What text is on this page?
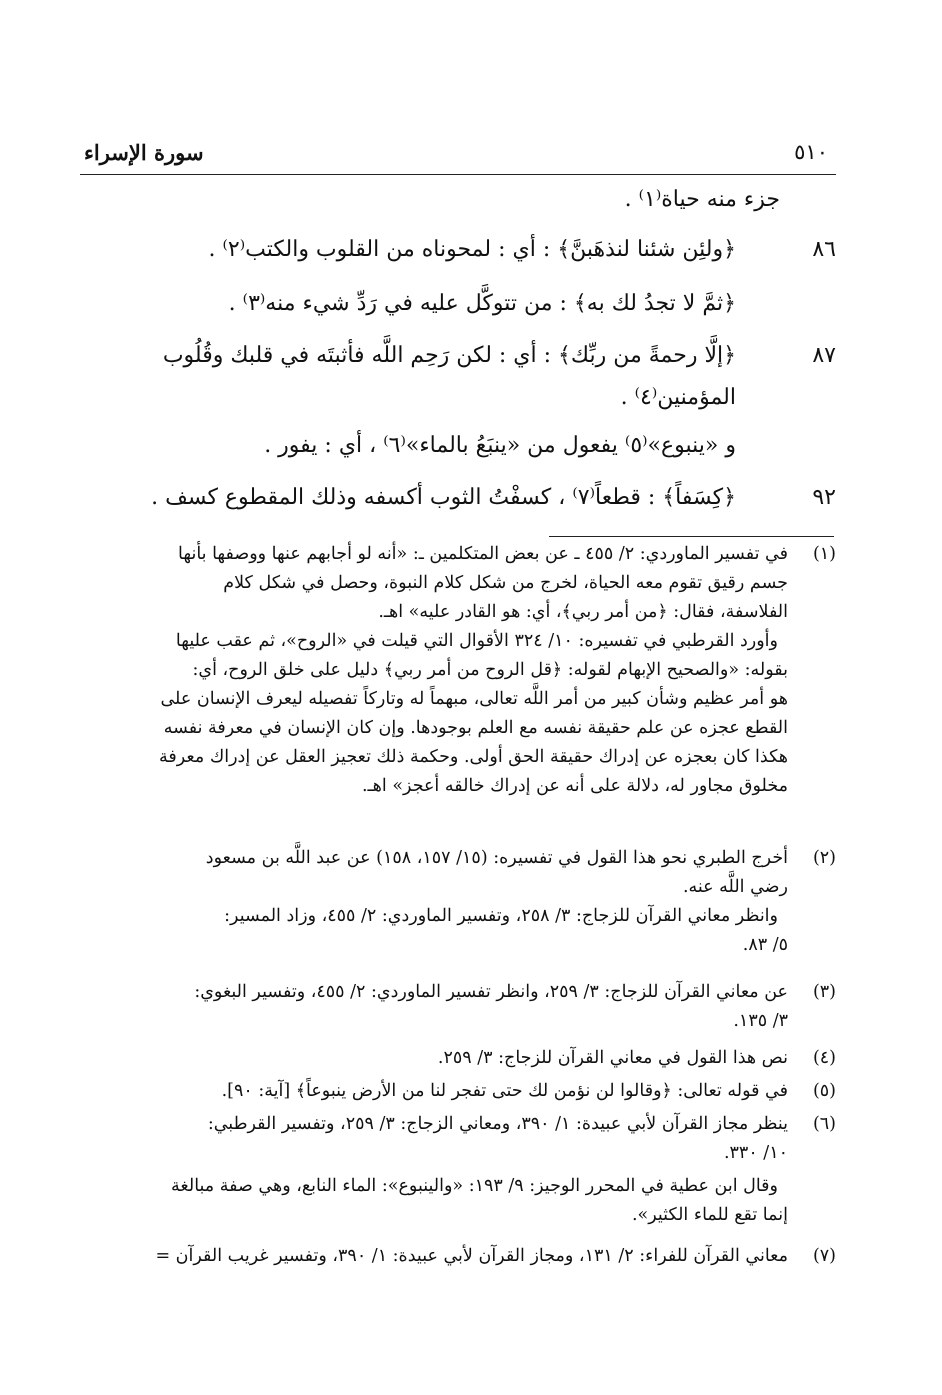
٥١٠
سورة الإسراء
جزء منه حياة⁽١⁾ .
٨٦
﴿ولئِن شئنا لنذهَبنَّ﴾ : أي : لمحوناه من القلوب والكتب⁽٢⁾ .
﴿ثمَّ لا تجدُ لك به﴾ : من تتوكَّل عليه في رَدِّ شيء منه⁽٣⁾ .
٨٧
﴿إلَّا رحمةً من ربِّك﴾ : أي : لكن رَحِم اللَّه فأثبتَه في قلبك وقُلُوب
المؤمنين⁽٤⁾ .
و «ينبوع»⁽٥⁾ يفعول من «ينبَعُ بالماء»⁽٦⁾ ، أي : يفور .
٩٢
﴿كِسَفاً﴾ : قطعاً⁽٧⁾ ، كسفْتُ الثوب أكسفه وذلك المقطوع كسف .
(١)
في تفسير الماوردي: ٢/ ٤٥٥ ـ عن بعض المتكلمين ـ: «أنه لو أجابهم عنها ووصفها بأنها
جسم رقيق تقوم معه الحياة، لخرج من شكل كلام النبوة، وحصل في شكل كلام
الفلاسفة، فقال: ﴿من أمر ربي﴾، أي: هو القادر عليه» اهـ.
وأورد القرطبي في تفسيره: ١٠/ ٣٢٤ الأقوال التي قيلت في «الروح»، ثم عقب عليها
بقوله: «والصحيح الإبهام لقوله: ﴿قل الروح من أمر ربي﴾ دليل على خلق الروح، أي:
هو أمر عظيم وشأن كبير من أمر اللَّه تعالى، مبهماً له وتاركاً تفصيله ليعرف الإنسان على
القطع عجزه عن علم حقيقة نفسه مع العلم بوجودها. وإن كان الإنسان في معرفة نفسه
هكذا كان بعجزه عن إدراك حقيقة الحق أولى. وحكمة ذلك تعجيز العقل عن إدراك معرفة
مخلوق مجاور له، دلالة على أنه عن إدراك خالقه أعجز» اهـ.
(٢)
أخرج الطبري نحو هذا القول في تفسيره: (١٥/ ١٥٧، ١٥٨) عن عبد اللَّه بن مسعود
رضي اللَّه عنه.
وانظر معاني القرآن للزجاج: ٣/ ٢٥٨، وتفسير الماوردي: ٢/ ٤٥٥، وزاد المسير:
٥/ ٨٣.
(٣)
عن معاني القرآن للزجاج: ٣/ ٢٥٩، وانظر تفسير الماوردي: ٢/ ٤٥٥، وتفسير البغوي:
٣/ ١٣٥.
(٤)
نص هذا القول في معاني القرآن للزجاج: ٣/ ٢٥٩.
(٥)
في قوله تعالى: ﴿وقالوا لن نؤمن لك حتى تفجر لنا من الأرض ينبوعاً﴾ [آية: ٩٠].
(٦)
ينظر مجاز القرآن لأبي عبيدة: ١/ ٣٩٠، ومعاني الزجاج: ٣/ ٢٥٩، وتفسير القرطبي:
١٠/ ٣٣٠.
وقال ابن عطية في المحرر الوجيز: ٩/ ١٩٣: «والينبوع»: الماء النابع، وهي صفة مبالغة
إنما تقع للماء الكثير».
(٧)
معاني القرآن للفراء: ٢/ ١٣١، ومجاز القرآن لأبي عبيدة: ١/ ٣٩٠، وتفسير غريب القرآن =
